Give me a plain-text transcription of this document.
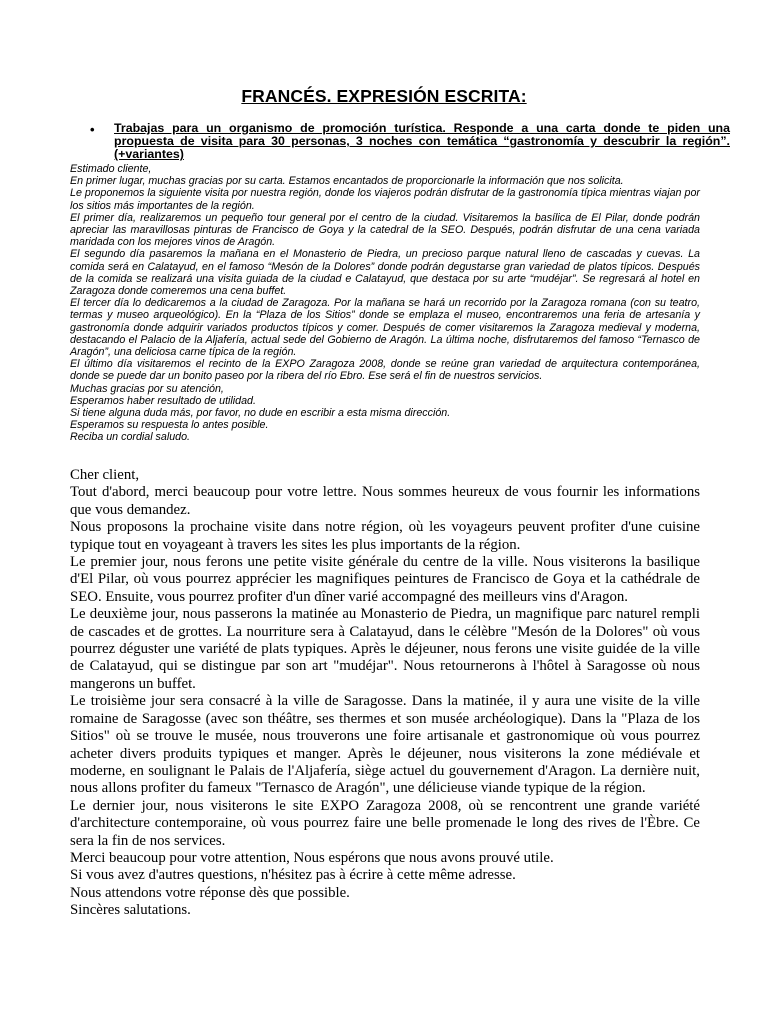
FRANCÉS. EXPRESIÓN ESCRITA:
• Trabajas para un organismo de promoción turística. Responde a una carta donde te piden una propuesta de visita para 30 personas, 3 noches con temática “gastronomía y descubrir la región”. (+variantes)

Estimado cliente,

En primer lugar, muchas gracias por su carta. Estamos encantados de proporcionarle la información que nos solicita.

Le proponemos la siguiente visita por nuestra región, donde los viajeros podrán disfrutar de la gastronomía típica mientras viajan por los sitios más importantes de la región.

El primer día, realizaremos un pequeño tour general por el centro de la ciudad. Visitaremos la basílica de El Pilar, donde podrán apreciar las maravillosas pinturas de Francisco de Goya y la catedral de la SEO. Después, podrán disfrutar de una cena variada maridada con los mejores vinos de Aragón.

El segundo día pasaremos la mañana en el Monasterio de Piedra, un precioso parque natural lleno de cascadas y cuevas. La comida será en Calatayud, en el famoso “Mesón de la Dolores” donde podrán degustarse gran variedad de platos típicos. Después de la comida se realizará una visita guiada de la ciudad e Calatayud, que destaca por su arte “mudéjar”. Se regresará al hotel en Zaragoza donde comeremos una cena buffet.

El tercer día lo dedicaremos a la ciudad de Zaragoza. Por la mañana se hará un recorrido por la Zaragoza romana (con su teatro, termas y museo arqueológico). En la “Plaza de los Sitios” donde se emplaza el museo, encontraremos una feria de artesanía y gastronomía donde adquirir variados productos típicos y comer. Después de comer visitaremos la Zaragoza medieval y moderna, destacando el Palacio de la Aljafería, actual sede del Gobierno de Aragón. La última noche, disfrutaremos del famoso “Ternasco de Aragón”, una deliciosa carne típica de la región.

El último día visitaremos el recinto de la EXPO Zaragoza 2008, donde se reúne gran variedad de arquitectura contemporánea, donde se puede dar un bonito paseo por la ribera del río Ebro. Ese será el fin de nuestros servicios.

Muchas gracias por su atención,

Esperamos haber resultado de utilidad.

Si tiene alguna duda más, por favor, no dude en escribir a esta misma dirección.

Esperamos su respuesta lo antes posible.

Reciba un cordial saludo.

Cher client,

Tout d'abord, merci beaucoup pour votre lettre. Nous sommes heureux de vous fournir les informations que vous demandez.

Nous proposons la prochaine visite dans notre région, où les voyageurs peuvent profiter d'une cuisine typique tout en voyageant à travers les sites les plus importants de la région.

Le premier jour, nous ferons une petite visite générale du centre de la ville. Nous visiterons la basilique d'El Pilar, où vous pourrez apprécier les magnifiques peintures de Francisco de Goya et la cathédrale de SEO. Ensuite, vous pourrez profiter d'un dîner varié accompagné des meilleurs vins d'Aragon.

Le deuxième jour, nous passerons la matinée au Monasterio de Piedra, un magnifique parc naturel rempli de cascades et de grottes. La nourriture sera à Calatayud, dans le célèbre "Mesón de la Dolores" où vous pourrez déguster une variété de plats typiques. Après le déjeuner, nous ferons une visite guidée de la ville de Calatayud, qui se distingue par son art "mudéjar". Nous retournerons à l'hôtel à Saragosse où nous mangerons un buffet.

Le troisième jour sera consacré à la ville de Saragosse. Dans la matinée, il y aura une visite de la ville romaine de Saragosse (avec son théâtre, ses thermes et son musée archéologique). Dans la "Plaza de los Sitios" où se trouve le musée, nous trouverons une foire artisanale et gastronomique où vous pourrez acheter divers produits typiques et manger. Après le déjeuner, nous visiterons la zone médiévale et moderne, en soulignant le Palais de l'Aljafería, siège actuel du gouvernement d'Aragon. La dernière nuit, nous allons profiter du fameux "Ternasco de Aragón", une délicieuse viande typique de la région.

Le dernier jour, nous visiterons le site EXPO Zaragoza 2008, où se rencontrent une grande variété d'architecture contemporaine, où vous pourrez faire une belle promenade le long des rives de l'Èbre. Ce sera la fin de nos services.

Merci beaucoup pour votre attention, Nous espérons que nous avons prouvé utile.

Si vous avez d'autres questions, n'hésitez pas à écrire à cette même adresse.

Nous attendons votre réponse dès que possible.

Sincères salutations.
